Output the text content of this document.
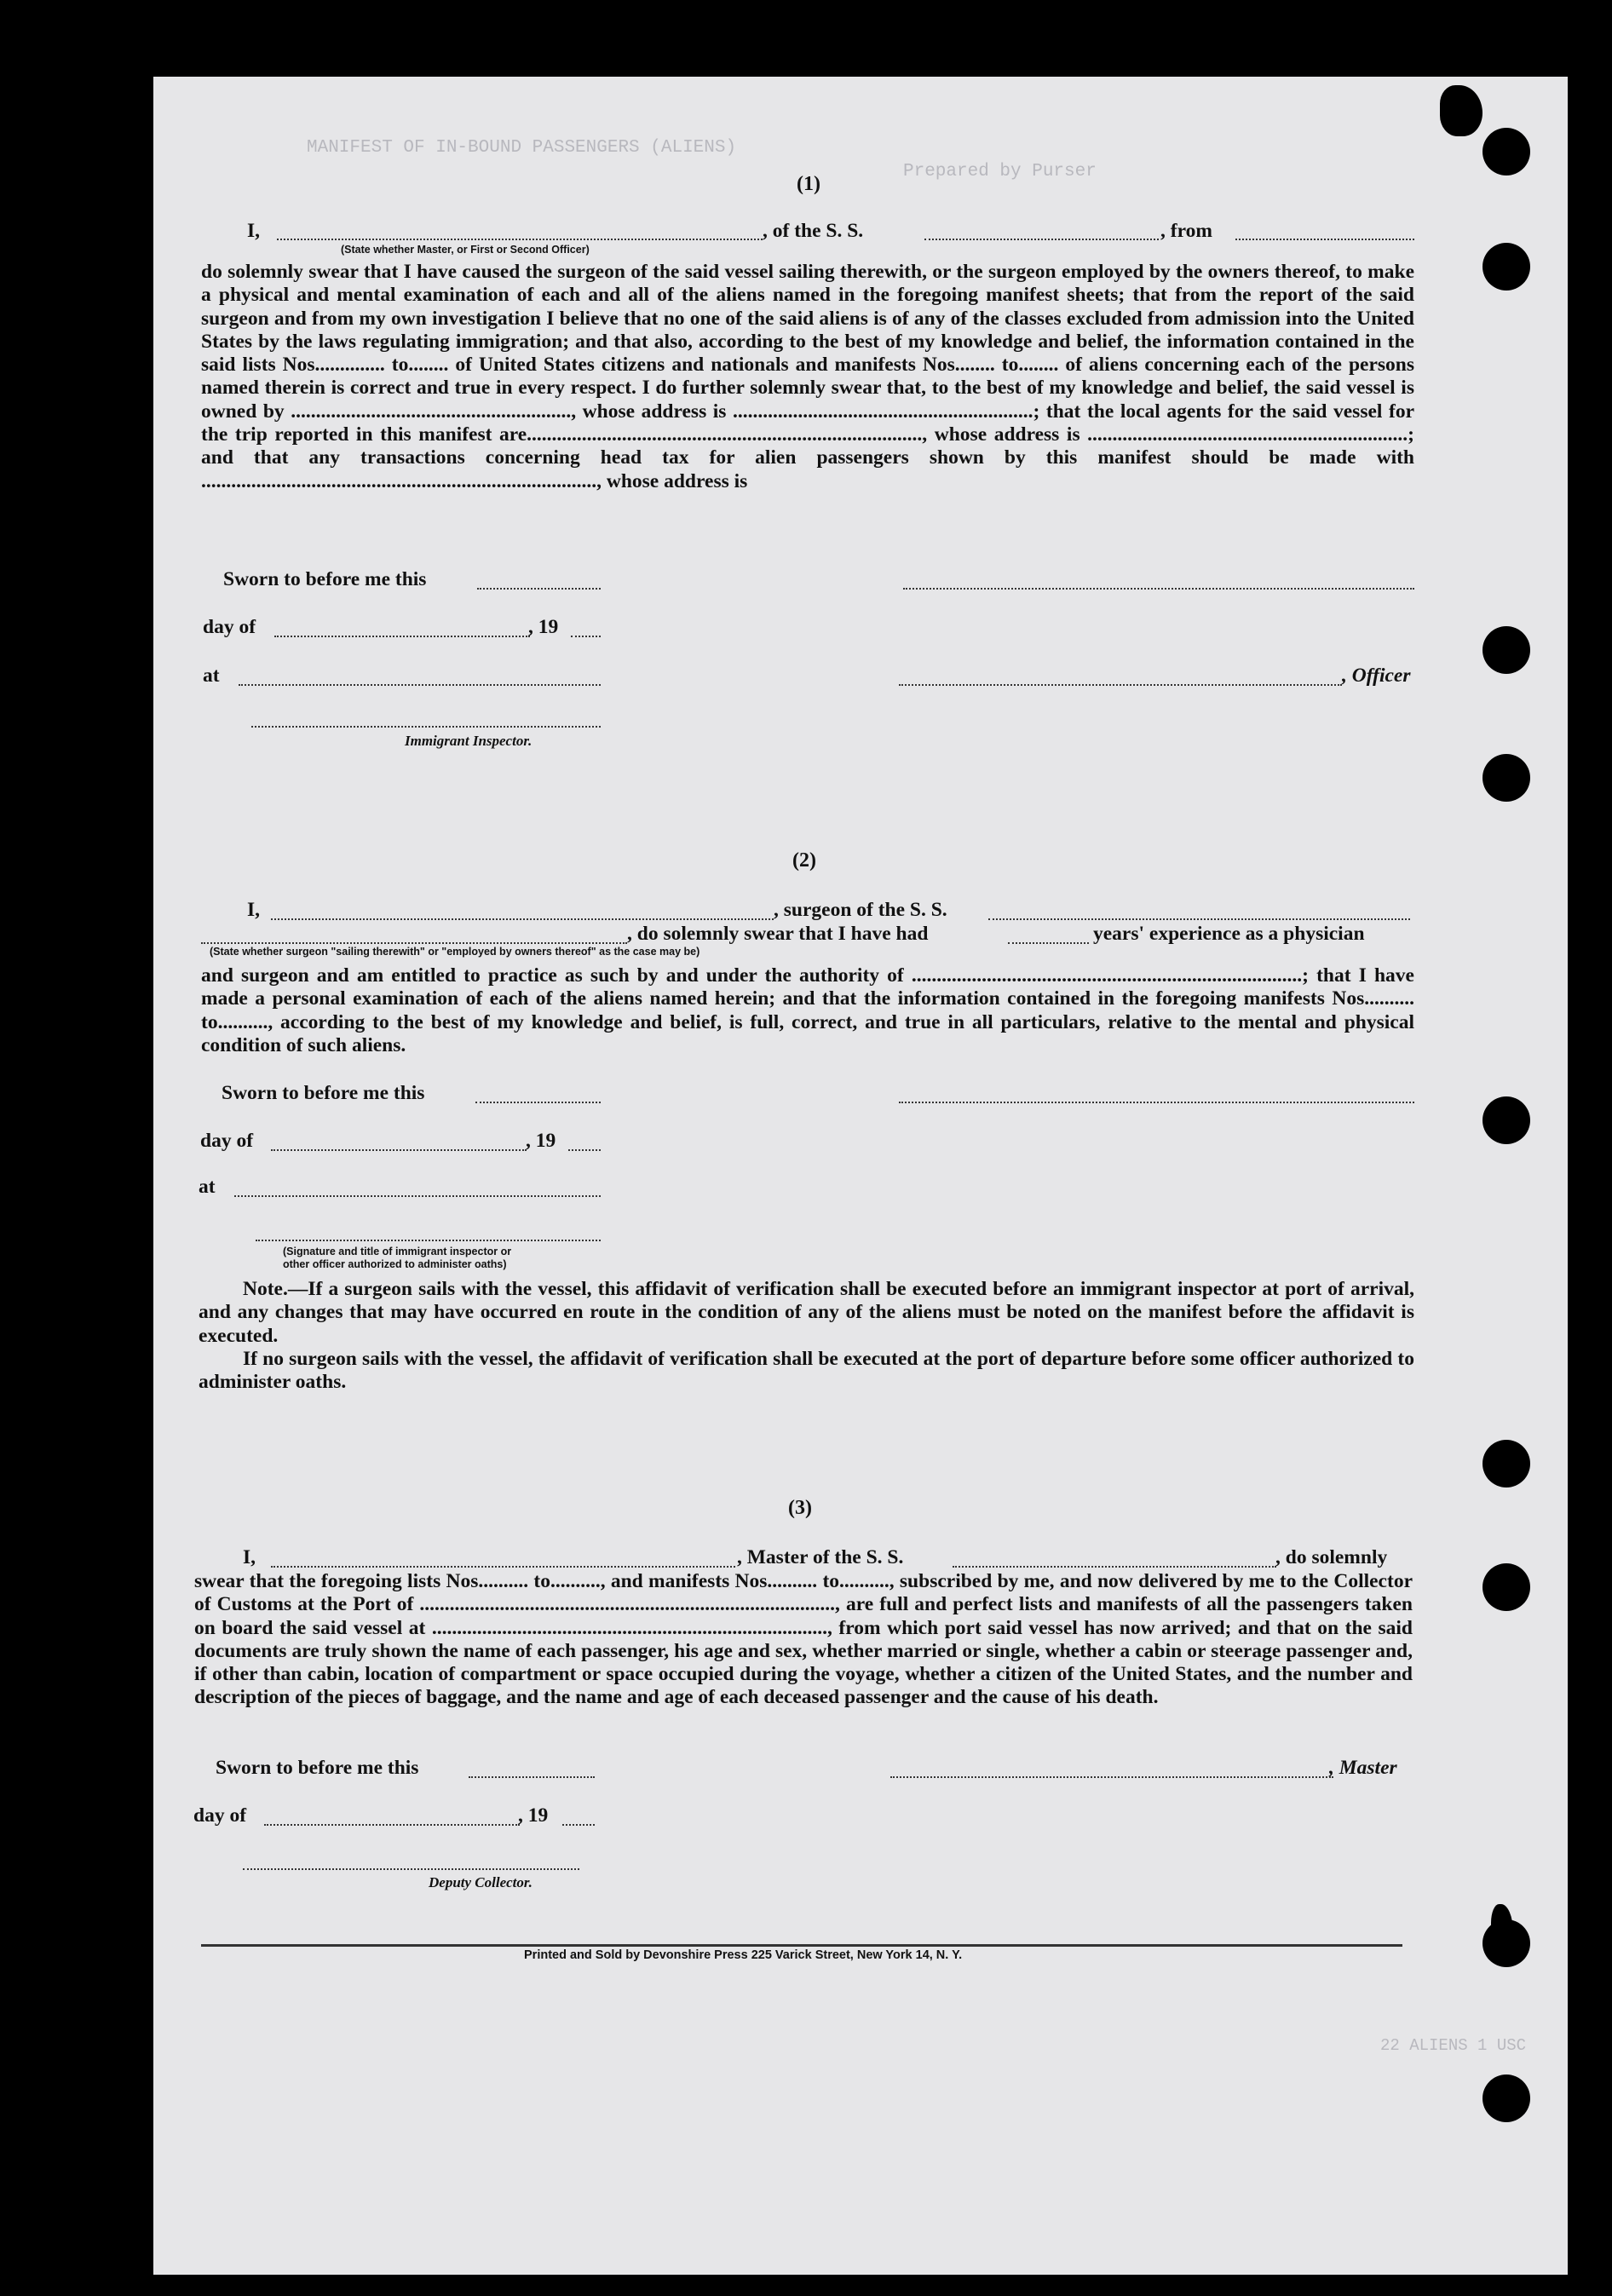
MANIFEST OF IN-BOUND PASSENGERS (ALIENS)
Prepared by Purser
22 ALIENS 1 USC
(1)
I,	, of the S. S.	, from
(State whether Master, or First or Second Officer)

do solemnly swear that I have caused the surgeon of the said vessel sailing therewith, or the surgeon employed by the owners thereof, to make a physical and mental examination of each and all of the aliens named in the foregoing manifest sheets; that from the report of the said surgeon and from my own investigation I believe that no one of the said aliens is of any of the classes excluded from admission into the United States by the laws regulating immigration; and that also, according to the best of my knowledge and belief, the information contained in the said lists Nos.............. to........ of United States citizens and nationals and manifests Nos........ to........ of aliens concerning each of the persons named therein is correct and true in every respect. I do further solemnly swear that, to the best of my knowledge and belief, the said vessel is owned by ........................................................, whose address is ............................................................; that the local agents for the said vessel for the trip reported in this manifest are..............................................................................., whose address is ................................................................; and that any transactions concerning head tax for alien passengers shown by this manifest should be made with ..............................................................................., whose address is

Sworn to before me this
day of	, 19
at	, Officer
Immigrant Inspector.
(2)
I,	, surgeon of the S. S.
, do solemnly swear that I have had	years' experience as a physician
(State whether surgeon "sailing therewith" or "employed by owners thereof" as the case may be)

and surgeon and am entitled to practice as such by and under the authority of ..............................................................................; that I have made a personal examination of each of the aliens named herein; and that the information contained in the foregoing manifests Nos.......... to.........., according to the best of my knowledge and belief, is full, correct, and true in all particulars, relative to the mental and physical condition of such aliens.

Sworn to before me this
day of	, 19
at
(Signature and title of immigrant inspector or
other officer authorized to administer oaths)

Note.—If a surgeon sails with the vessel, this affidavit of verification shall be executed before an immigrant inspector at port of arrival, and any changes that may have occurred en route in the condition of any of the aliens must be noted on the manifest before the affidavit is executed.

If no surgeon sails with the vessel, the affidavit of verification shall be executed at the port of departure before some officer authorized to administer oaths.

(3)
I,	, Master of the S. S.	, do solemnly

swear that the foregoing lists Nos.......... to.........., and manifests Nos.......... to.........., subscribed by me, and now delivered by me to the Collector of Customs at the Port of ..................................................................................., are full and perfect lists and manifests of all the passengers taken on board the said vessel at ..............................................................................., from which port said vessel has now arrived; and that on the said documents are truly shown the name of each passenger, his age and sex, whether married or single, whether a cabin or steerage passenger and, if other than cabin, location of compartment or space occupied during the voyage, whether a citizen of the United States, and the number and description of the pieces of baggage, and the name and age of each deceased passenger and the cause of his death.

Sworn to before me this	, Master
day of	, 19
Deputy Collector.
Printed and Sold by Devonshire Press 225 Varick Street, New York 14, N. Y.
